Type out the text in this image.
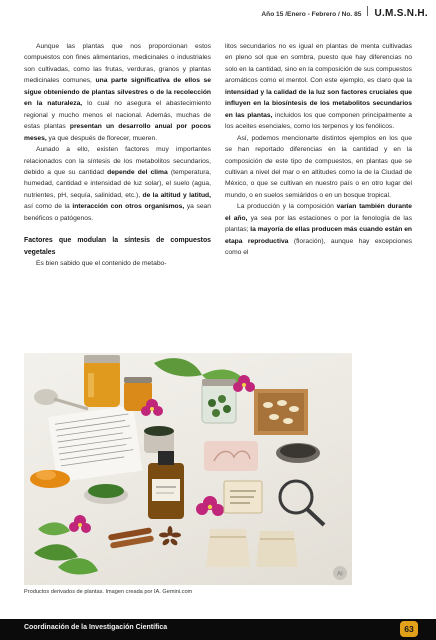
Año 15 /Enero - Febrero / No. 85 U.M.S.N.H.

Aunque las plantas que nos proporcionan estos compuestos con fines alimentarios, medicinales o industriales son cultivadas, como las frutas, verduras, granos y plantas medicinales comunes, una parte significativa de ellos se sigue obteniendo de plantas silvestres o de la recolección en la naturaleza, lo cual no asegura el abastecimiento regional y mucho menos el nacional. Además, muchas de estas plantas presentan un desarrollo anual por pocos meses, ya que después de florecer, mueren.

Aunado a ello, existen factores muy importantes relacionados con la síntesis de los metabolitos secundarios, debido a que su cantidad depende del clima (temperatura, humedad, cantidad e intensidad de luz solar), el suelo (agua, nutrientes, pH, sequía, salinidad, etc.), de la altitud y latitud, así como de la interacción con otros organismos, ya sean benéficos o patógenos.

Factores que modulan la síntesis de compuestos vegetales

Es bien sabido que el contenido de metabo-

litos secundarios no es igual en plantas de menta cultivadas en pleno sol que en sombra, puesto que hay diferencias no solo en la cantidad, sino en la composición de sus compuestos aromáticos como el mentol. Con este ejemplo, es claro que la intensidad y la calidad de la luz son factores cruciales que influyen en la biosíntesis de los metabolitos secundarios en las plantas, incluidos los que componen principalmente a los aceites esenciales, como los terpenos y los fenólicos.

Así, podemos mencionarte distintos ejemplos en los que se han reportado diferencias en la cantidad y en la composición de este tipo de compuestos, en plantas que se cultivan a nivel del mar o en altitudes como la de la Ciudad de México, o que se cultivan en nuestro país o en otro lugar del mundo, o en suelos semiáridos o en un bosque tropical.

La producción y la composición varían también durante el año, ya sea por las estaciones o por la fenología de las plantas; la mayoría de ellas producen más cuando están en etapa reproductiva (floración), aunque hay excepciones como el

AI
Productos derivados de plantas. Imagen creada por IA. Gemini.com
Coordinación de la Investigación Científica	63
